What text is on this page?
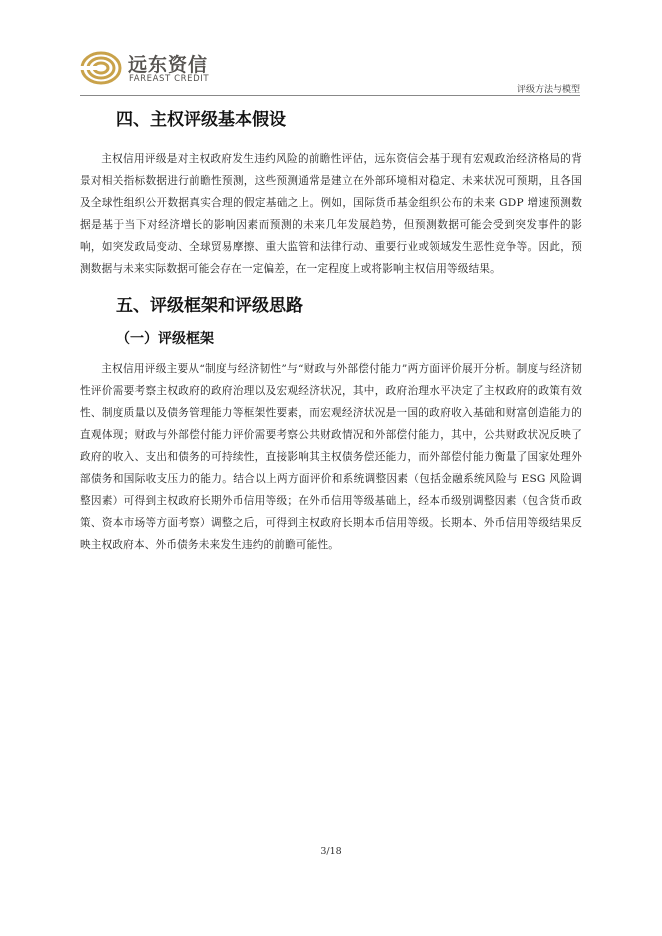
远东资信
FAREAST CREDIT
评级方法与模型
四、主权评级基本假设

主权信用评级是对主权政府发生违约风险的前瞻性评估，远东资信会基于现有宏观政治经济格局的背景对相关指标数据进行前瞻性预测，这些预测通常是建立在外部环境相对稳定、未来状况可预期，且各国及全球性组织公开数据真实合理的假定基础之上。例如，国际货币基金组织公布的未来 GDP 增速预测数据是基于当下对经济增长的影响因素而预测的未来几年发展趋势，但预测数据可能会受到突发事件的影响，如突发政局变动、全球贸易摩擦、重大监管和法律行动、重要行业或领域发生恶性竞争等。因此，预测数据与未来实际数据可能会存在一定偏差，在一定程度上或将影响主权信用等级结果。

五、评级框架和评级思路
（一）评级框架

主权信用评级主要从“制度与经济韧性”与“财政与外部偿付能力”两方面评价展开分析。制度与经济韧性评价需要考察主权政府的政府治理以及宏观经济状况，其中，政府治理水平决定了主权政府的政策有效性、制度质量以及债务管理能力等框架性要素，而宏观经济状况是一国的政府收入基础和财富创造能力的直观体现；财政与外部偿付能力评价需要考察公共财政情况和外部偿付能力，其中，公共财政状况反映了政府的收入、支出和债务的可持续性，直接影响其主权债务偿还能力，而外部偿付能力衡量了国家处理外部债务和国际收支压力的能力。结合以上两方面评价和系统调整因素（包括金融系统风险与 ESG 风险调整因素）可得到主权政府长期外币信用等级；在外币信用等级基础上，经本币级别调整因素（包含货币政策、资本市场等方面考察）调整之后，可得到主权政府长期本币信用等级。长期本、外币信用等级结果反映主权政府本、外币债务未来发生违约的前瞻可能性。

3/18
